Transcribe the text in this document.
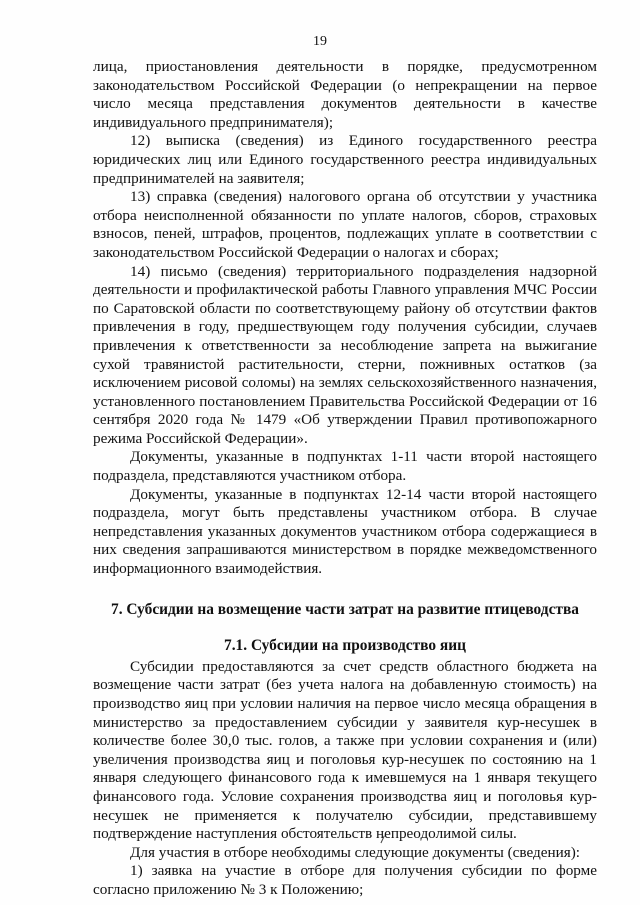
19

лица, приостановления деятельности в порядке, предусмотренном законодательством Российской Федерации (о непрекращении на первое число месяца представления документов деятельности в качестве индивидуального предпринимателя);

12) выписка (сведения) из Единого государственного реестра юридических лиц или Единого государственного реестра индивидуальных предпринимателей на заявителя;

13) справка (сведения) налогового органа об отсутствии у участника отбора неисполненной обязанности по уплате налогов, сборов, страховых взносов, пеней, штрафов, процентов, подлежащих уплате в соответствии с законодательством Российской Федерации о налогах и сборах;

14) письмо (сведения) территориального подразделения надзорной деятельности и профилактической работы Главного управления МЧС России по Саратовской области по соответствующему району об отсутствии фактов привлечения в году, предшествующем году получения субсидии, случаев привлечения к ответственности за несоблюдение запрета на выжигание сухой травянистой растительности, стерни, пожнивных остатков (за исключением рисовой соломы) на землях сельскохозяйственного назначения, установленного постановлением Правительства Российской Федерации от 16 сентября 2020 года № 1479 «Об утверждении Правил противопожарного режима Российской Федерации».

Документы, указанные в подпунктах 1-11 части второй настоящего подраздела, представляются участником отбора.

Документы, указанные в подпунктах 12-14 части второй настоящего подраздела, могут быть представлены участником отбора. В случае непредставления указанных документов участником отбора содержащиеся в них сведения запрашиваются министерством в порядке межведомственного информационного взаимодействия.

7. Субсидии на возмещение части затрат на развитие птицеводства

7.1. Субсидии на производство яиц

Субсидии предоставляются за счет средств областного бюджета на возмещение части затрат (без учета налога на добавленную стоимость) на производство яиц при условии наличия на первое число месяца обращения в министерство за предоставлением субсидии у заявителя кур-несушек в количестве более 30,0 тыс. голов, а также при условии сохранения и (или) увеличения производства яиц и поголовья кур-несушек по состоянию на 1 января следующего финансового года к имевшемуся на 1 января текущего финансового года. Условие сохранения производства яиц и поголовья кур-несушек не применяется к получателю субсидии, представившему подтверждение наступления обстоятельств непреодолимой силы.

Для участия в отборе необходимы следующие документы (сведения):

1) заявка на участие в отборе для получения субсидии по форме согласно приложению № 3 к Положению;
